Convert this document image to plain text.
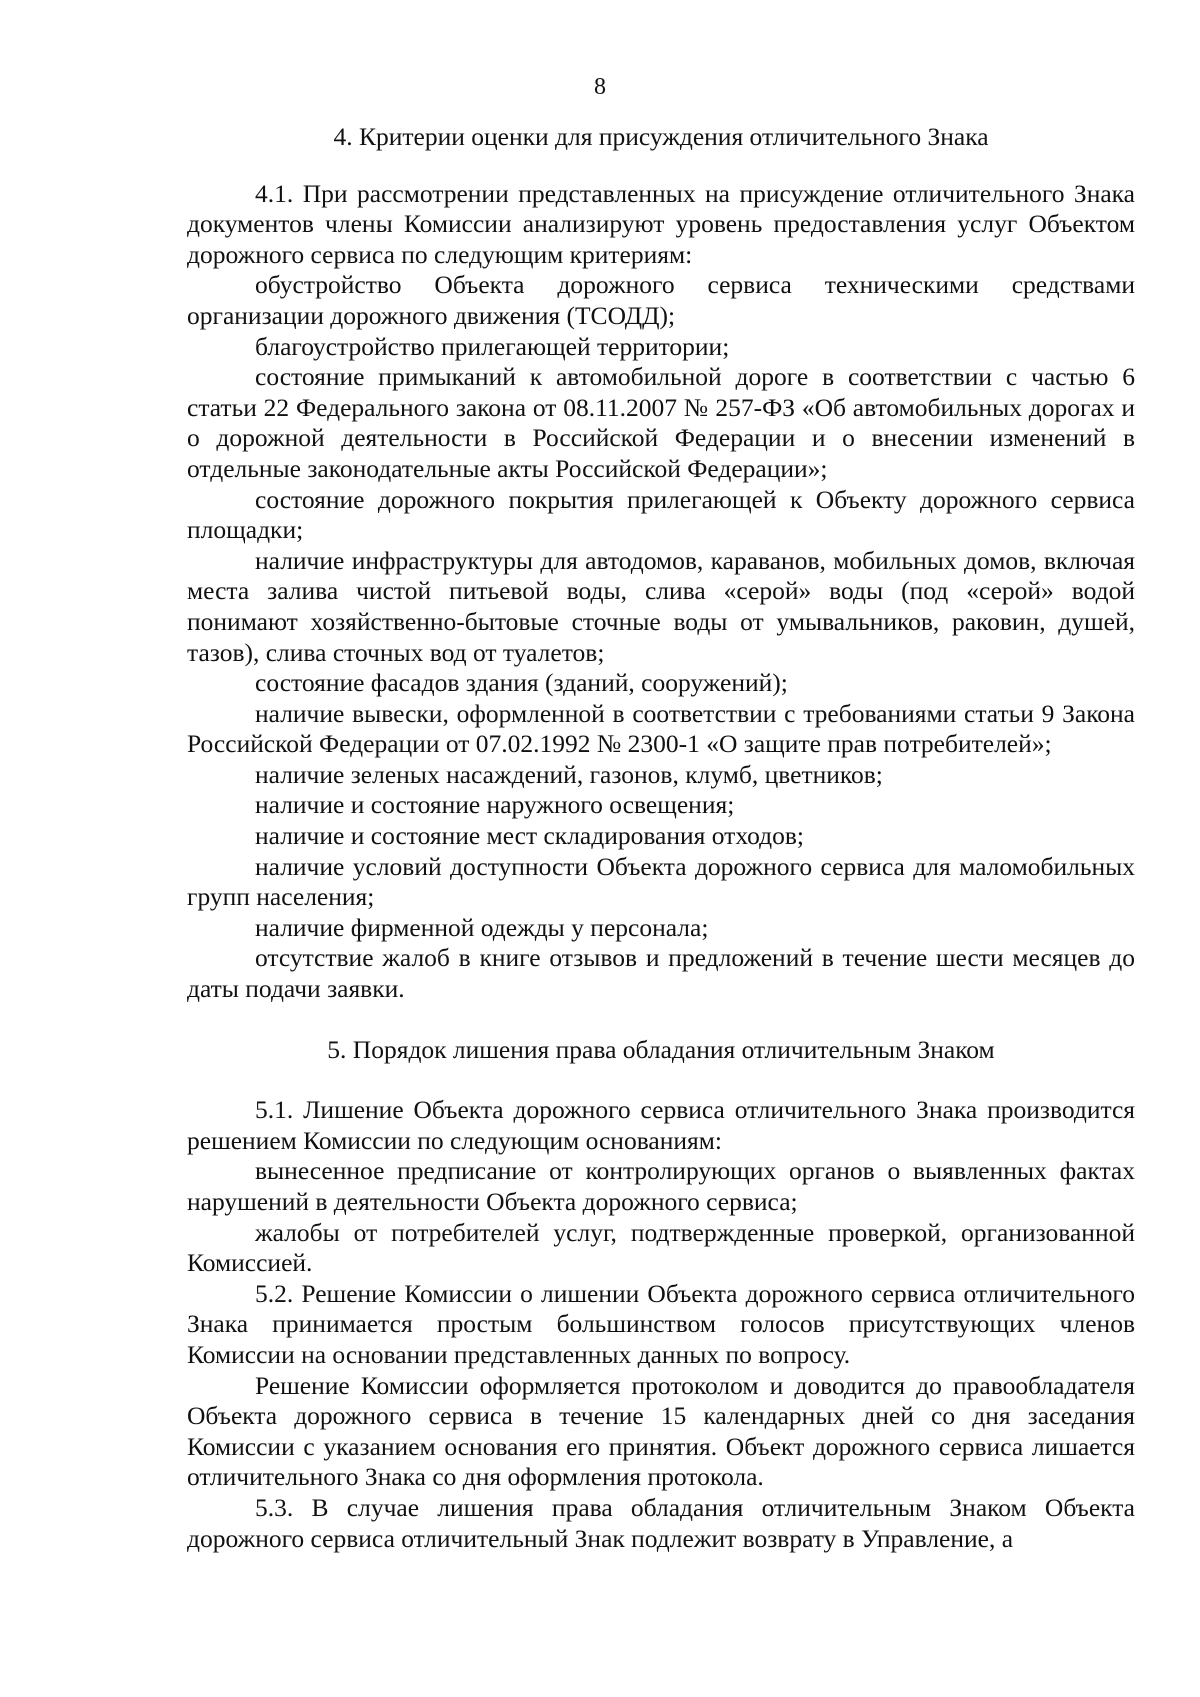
8
4. Критерии оценки для присуждения отличительного Знака

4.1. При рассмотрении представленных на присуждение отличительного Знака документов члены Комиссии анализируют уровень предоставления услуг Объектом дорожного сервиса по следующим критериям:

обустройство Объекта дорожного сервиса техническими средствами организации дорожного движения (ТСОДД);

благоустройство прилегающей территории;

состояние примыканий к автомобильной дороге в соответствии с частью 6 статьи 22 Федерального закона от 08.11.2007 № 257-ФЗ «Об автомобильных дорогах и о дорожной деятельности в Российской Федерации и о внесении изменений в отдельные законодательные акты Российской Федерации»;

состояние дорожного покрытия прилегающей к Объекту дорожного сервиса площадки;

наличие инфраструктуры для автодомов, караванов, мобильных домов, включая места залива чистой питьевой воды, слива «серой» воды (под «серой» водой понимают хозяйственно-бытовые сточные воды от умывальников, раковин, душей, тазов), слива сточных вод от туалетов;

состояние фасадов здания (зданий, сооружений);

наличие вывески, оформленной в соответствии с требованиями статьи 9 Закона Российской Федерации от 07.02.1992 № 2300-1 «О защите прав потребителей»;

наличие зеленых насаждений, газонов, клумб, цветников;

наличие и состояние наружного освещения;

наличие и состояние мест складирования отходов;

наличие условий доступности Объекта дорожного сервиса для маломобильных групп населения;

наличие фирменной одежды у персонала;

отсутствие жалоб в книге отзывов и предложений в течение шести месяцев до даты подачи заявки.

5. Порядок лишения права обладания отличительным Знаком

5.1. Лишение Объекта дорожного сервиса отличительного Знака производится решением Комиссии по следующим основаниям:

вынесенное предписание от контролирующих органов о выявленных фактах нарушений в деятельности Объекта дорожного сервиса;

жалобы от потребителей услуг, подтвержденные проверкой, организованной Комиссией.

5.2. Решение Комиссии о лишении Объекта дорожного сервиса отличительного Знака принимается простым большинством голосов присутствующих членов Комиссии на основании представленных данных по вопросу.

Решение Комиссии оформляется протоколом и доводится до правообладателя Объекта дорожного сервиса в течение 15 календарных дней со дня заседания Комиссии с указанием основания его принятия. Объект дорожного сервиса лишается отличительного Знака со дня оформления протокола.

5.3. В случае лишения права обладания отличительным Знаком Объекта дорожного сервиса отличительный Знак подлежит возврату в Управление, а
